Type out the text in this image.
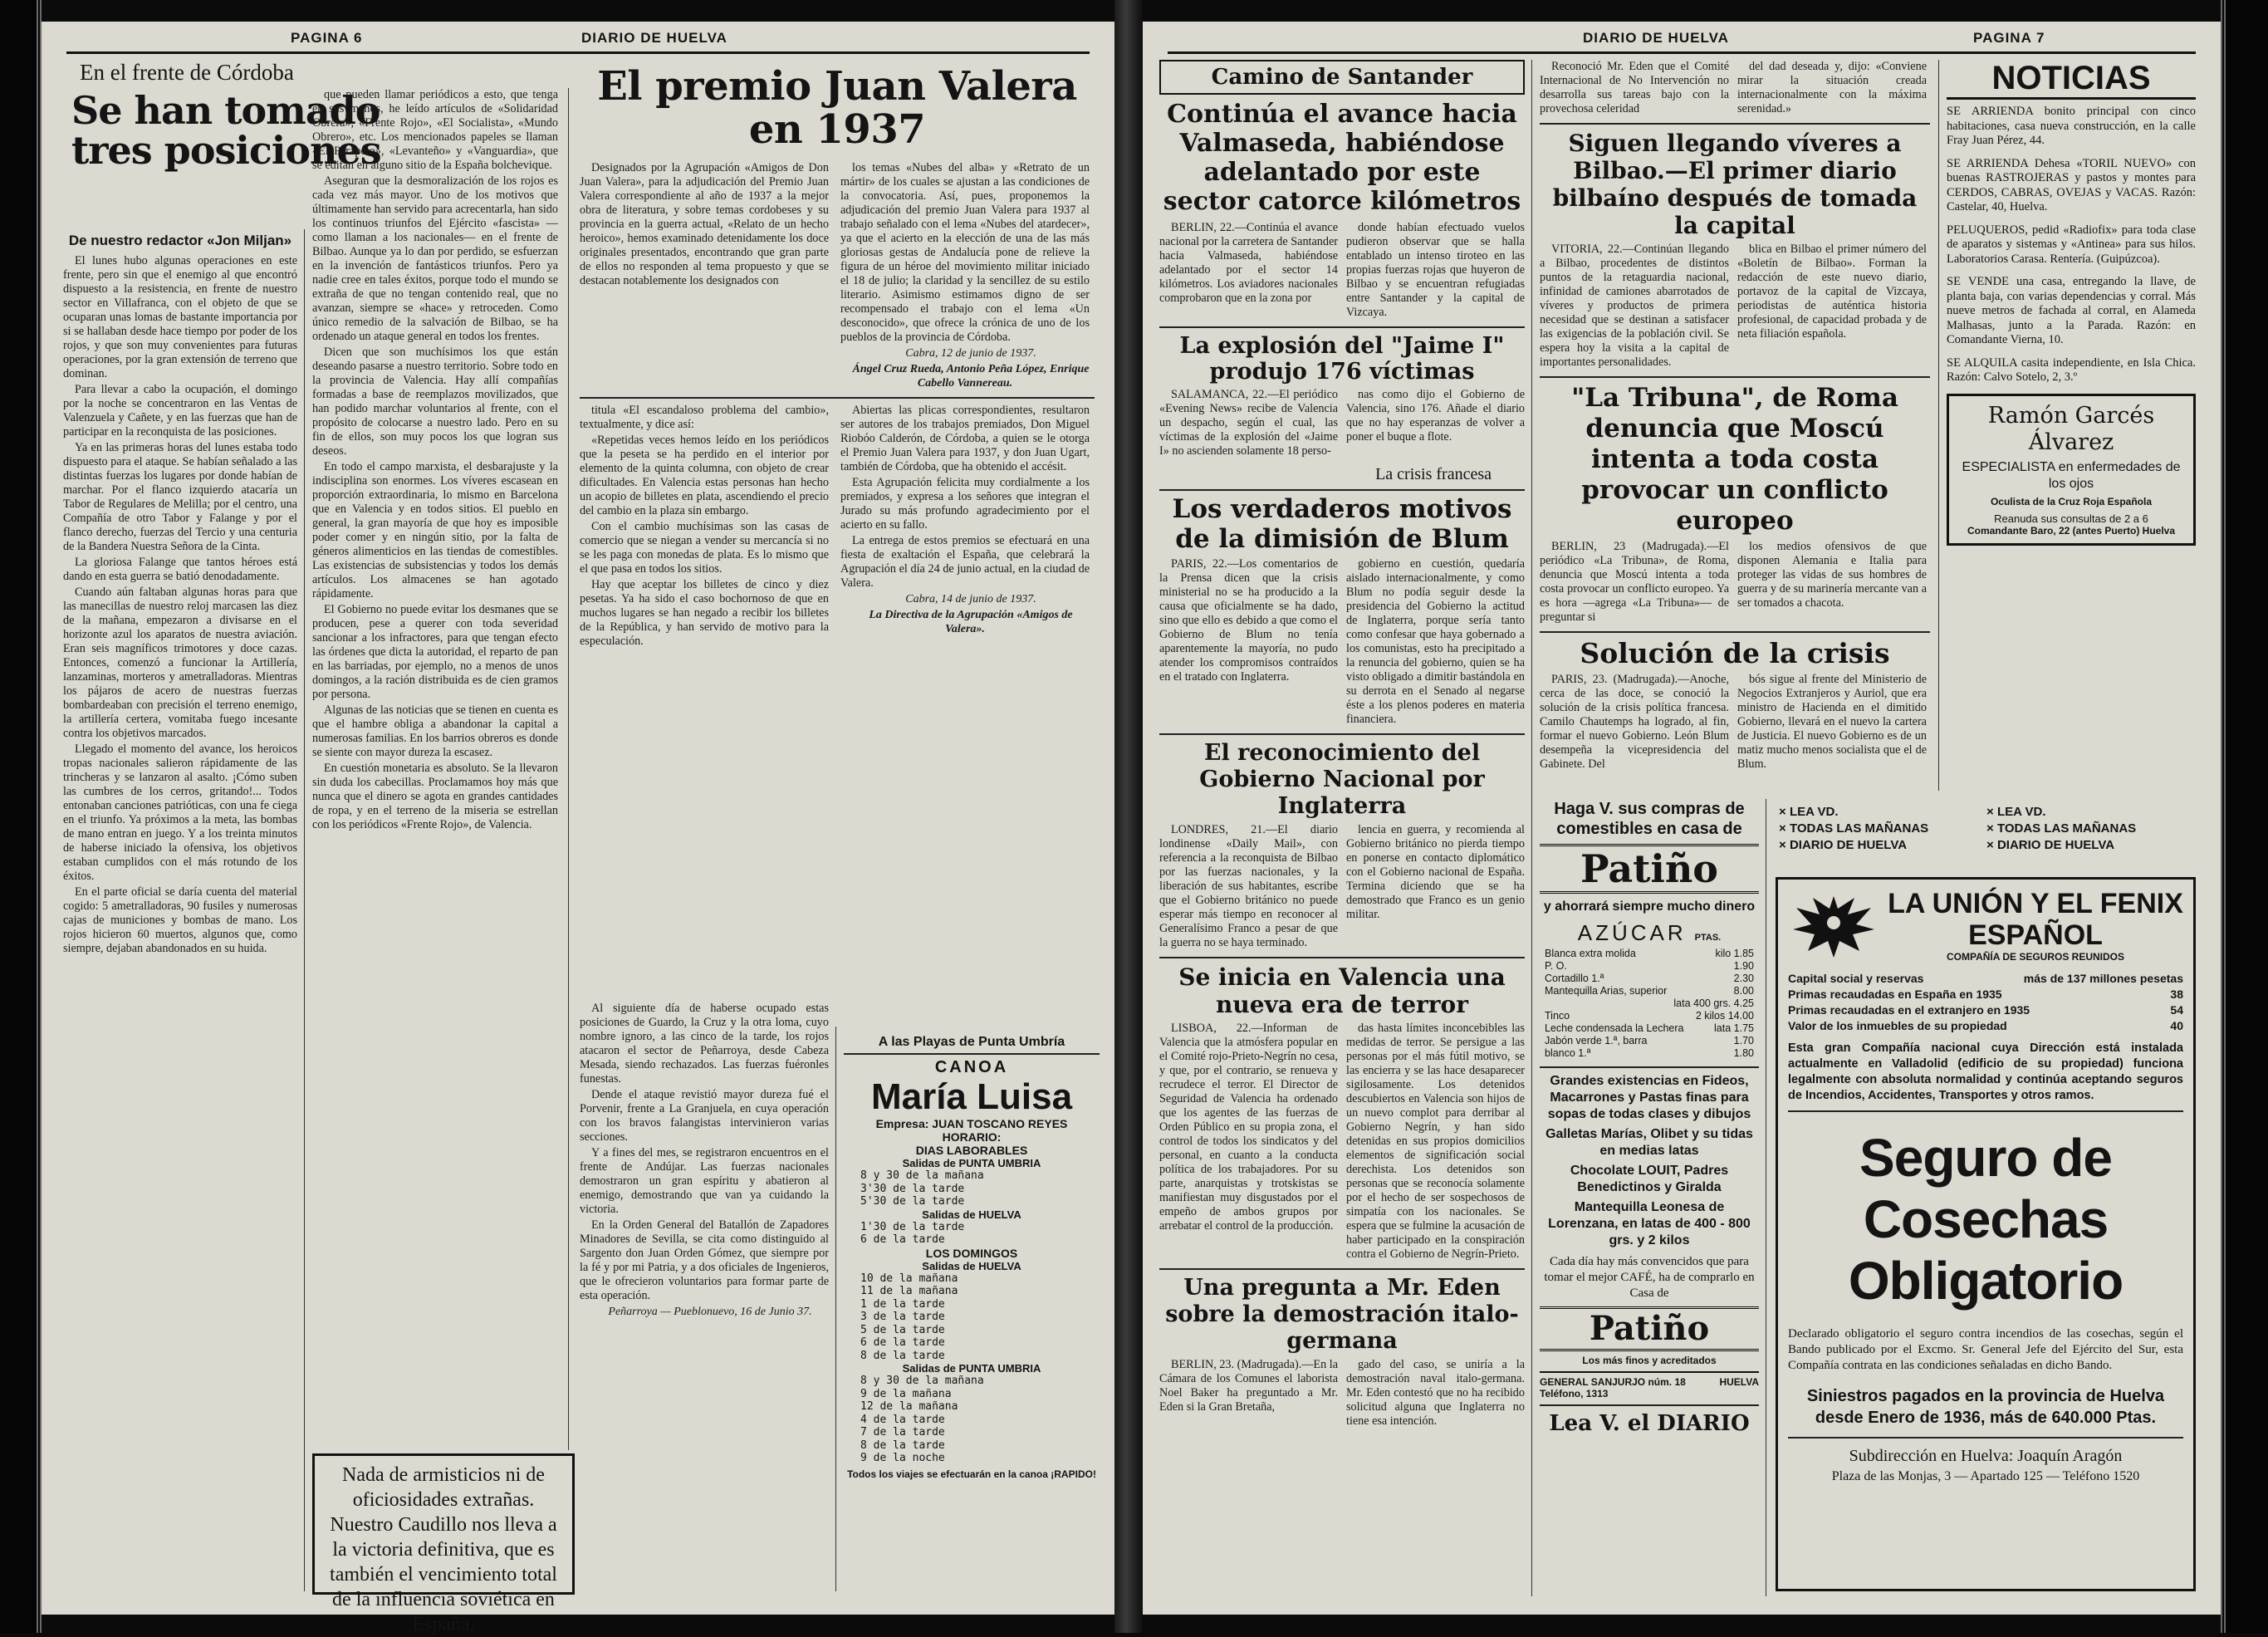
PAGINA 6	DIARIO DE HUELVA

En el frente de Córdoba

Se han tomado tres posiciones

De nuestro redactor «Jon Miljan»

El lunes hubo algunas operaciones en este frente, pero sin que el enemigo al que encontró dispuesto a la resistencia, en frente de nuestro sector en Villafranca, con el objeto de que se ocuparan unas lomas de bastante importancia por si se hallaban desde hace tiempo por poder de los rojos, y que son muy convenientes para futuras operaciones, por la gran extensión de terreno que dominan.

Para llevar a cabo la ocupación, el domingo por la noche se concentraron en las Ventas de Valenzuela y Cañete, y en las fuerzas que han de participar en la reconquista de las posiciones.

Ya en las primeras horas del lunes estaba todo dispuesto para el ataque. Se habían señalado a las distintas fuerzas los lugares por donde habían de marchar. Por el flanco izquierdo atacaría un Tabor de Regulares de Melilla; por el centro, una Compañía de otro Tabor y Falange y por el flanco derecho, fuerzas del Tercio y una centuria de la Bandera Nuestra Señora de la Cinta.

La gloriosa Falange que tantos héroes está dando en esta guerra se batió denodadamente.

Cuando aún faltaban algunas horas para que las manecillas de nuestro reloj marcasen las diez de la mañana, empezaron a divisarse en el horizonte azul los aparatos de nuestra aviación. Eran seis magníficos trimotores y doce cazas. Entonces, comenzó a funcionar la Artillería, lanzaminas, morteros y ametralladoras. Mientras los pájaros de acero de nuestras fuerzas bombardeaban con precisión el terreno enemigo, la artillería certera, vomitaba fuego incesante contra los objetivos marcados.

Llegado el momento del avance, los heroicos tropas nacionales salieron rápidamente de las trincheras y se lanzaron al asalto. ¡Cómo suben las cumbres de los cerros, gritando!... Todos entonaban canciones patrióticas, con una fe ciega en el triunfo. Ya próximos a la meta, las bombas de mano entran en juego. Y a los treinta minutos de haberse iniciado la ofensiva, los objetivos estaban cumplidos con el más rotundo de los éxitos.

En el parte oficial se daría cuenta del material cogido: 5 ametralladoras, 90 fusiles y numerosas cajas de municiones y bombas de mano. Los rojos hicieron 60 muertos, algunos que, como siempre, dejaban abandonados en su huida.

que pueden llamar periódicos a esto, que tenga en sus manos, he leído artículos de «Solidaridad Obrera», «Frente Rojo», «El Socialista», «Mundo Obrero», etc. Los mencionados papeles se llaman «El Parapeto», «Levanteño» y «Vanguardia», que se editan en alguno sitio de la España bolchevique.

Aseguran que la desmoralización de los rojos es cada vez más mayor. Uno de los motivos que últimamente han servido para acrecentarla, han sido los continuos triunfos del Ejército «fascista» —como llaman a los nacionales— en el frente de Bilbao. Aunque ya lo dan por perdido, se esfuerzan en la invención de fantásticos triunfos. Pero ya nadie cree en tales éxitos, porque todo el mundo se extraña de que no tengan contenido real, que no avanzan, siempre se «hace» y retroceden. Como único remedio de la salvación de Bilbao, se ha ordenado un ataque general en todos los frentes.

Dicen que son muchísimos los que están deseando pasarse a nuestro territorio. Sobre todo en la provincia de Valencia. Hay allí compañías formadas a base de reemplazos movilizados, que han podido marchar voluntarios al frente, con el propósito de colocarse a nuestro lado. Pero en su fin de ellos, son muy pocos los que logran sus deseos.

En todo el campo marxista, el desbarajuste y la indisciplina son enormes. Los víveres escasean en proporción extraordinaria, lo mismo en Barcelona que en Valencia y en todos sitios. El pueblo en general, la gran mayoría de que hoy es imposible poder comer y en ningún sitio, por la falta de géneros alimenticios en las tiendas de comestibles. Las existencias de subsistencias y todos los demás artículos. Los almacenes se han agotado rápidamente.

El Gobierno no puede evitar los desmanes que se producen, pese a querer con toda severidad sancionar a los infractores, para que tengan efecto las órdenes que dicta la autoridad, el reparto de pan en las barriadas, por ejemplo, no a menos de unos domingos, a la ración distribuida es de cien gramos por persona.

Algunas de las noticias que se tienen en cuenta es que el hambre obliga a abandonar la capital a numerosas familias. En los barrios obreros es donde se siente con mayor dureza la escasez.

En cuestión monetaria es absoluto. Se la llevaron sin duda los cabecillas. Proclamamos hoy más que nunca que el dinero se agota en grandes cantidades de ropa, y en el terreno de la miseria se estrellan con los periódicos «Frente Rojo», de Valencia.

Nada de armisticios ni de oficiosidades extrañas. Nuestro Caudillo nos lleva a la victoria definitiva, que es también el vencimiento total de la influencia soviética en España.

El premio Juan Valera en 1937

Designados por la Agrupación «Amigos de Don Juan Valera», para la adjudicación del Premio Juan Valera correspondiente al año de 1937 a la mejor obra de literatura, y sobre temas cordobeses y su provincia en la guerra actual, «Relato de un hecho heroico», hemos examinado detenidamente los doce originales presentados, encontrando que gran parte de ellos no responden al tema propuesto y que se destacan notablemente los designados con

los temas «Nubes del alba» y «Retrato de un mártir» de los cuales se ajustan a las condiciones de la convocatoria. Así, pues, proponemos la adjudicación del premio Juan Valera para 1937 al trabajo señalado con el lema «Nubes del atardecer», ya que el acierto en la elección de una de las más gloriosas gestas de Andalucía pone de relieve la figura de un héroe del movimiento militar iniciado el 18 de julio; la claridad y la sencillez de su estilo literario. Asimismo estimamos digno de ser recompensado el trabajo con el lema «Un desconocido», que ofrece la crónica de uno de los pueblos de la provincia de Córdoba.

Cabra, 12 de junio de 1937.

Ángel Cruz Rueda, Antonio Peña López, Enrique Cabello Vannereau.

titula «El escandaloso problema del cambio», textualmente, y dice así:

«Repetidas veces hemos leído en los periódicos que la peseta se ha perdido en el interior por elemento de la quinta columna, con objeto de crear dificultades. En Valencia estas personas han hecho un acopio de billetes en plata, ascendiendo el precio del cambio en la plaza sin embargo.

Con el cambio muchísimas son las casas de comercio que se niegan a vender su mercancía si no se les paga con monedas de plata. Es lo mismo que el que pasa en todos los sitios.

Hay que aceptar los billetes de cinco y diez pesetas. Ya ha sido el caso bochornoso de que en muchos lugares se han negado a recibir los billetes de la República, y han servido de motivo para la especulación.

Abiertas las plicas correspondientes, resultaron ser autores de los trabajos premiados, Don Miguel Riobóo Calderón, de Córdoba, a quien se le otorga el Premio Juan Valera para 1937, y don Juan Ugart, también de Córdoba, que ha obtenido el accésit.

Esta Agrupación felicita muy cordialmente a los premiados, y expresa a los señores que integran el Jurado su más profundo agradecimiento por el acierto en su fallo.

La entrega de estos premios se efectuará en una fiesta de exaltación el España, que celebrará la Agrupación el día 24 de junio actual, en la ciudad de Valera.

Cabra, 14 de junio de 1937.

La Directiva de la Agrupación «Amigos de Valera».

Al siguiente día de haberse ocupado estas posiciones de Guardo, la Cruz y la otra loma, cuyo nombre ignoro, a las cinco de la tarde, los rojos atacaron el sector de Peñarroya, desde Cabeza Mesada, siendo rechazados. Las fuerzas fuéronles funestas.

Dende el ataque revistió mayor dureza fué el Porvenir, frente a La Granjuela, en cuya operación con los bravos falangistas intervinieron varias secciones.

Y a fines del mes, se registraron encuentros en el frente de Andújar. Las fuerzas nacionales demostraron un gran espíritu y abatieron al enemigo, demostrando que van ya cuidando la victoria.

En la Orden General del Batallón de Zapadores Minadores de Sevilla, se cita como distinguido al Sargento don Juan Orden Gómez, que siempre por la fé y por mi Patria, y a dos oficiales de Ingenieros, que le ofrecieron voluntarios para formar parte de esta operación.

Peñarroya — Pueblonuevo, 16 de Junio 37.

A las Playas de Punta Umbría

CANOA

María Luisa

Empresa: JUAN TOSCANO REYES

HORARIO:

DIAS LABORABLES

Salidas de PUNTA UMBRIA

8 y 30 de la mañana
3'30 de la tarde
5'30 de la tarde

Salidas de HUELVA

1'30 de la tarde
6 de la tarde

LOS DOMINGOS

Salidas de HUELVA

10 de la mañana
11 de la mañana
1 de la tarde
3 de la tarde
5 de la tarde
6 de la tarde
8 de la tarde

Salidas de PUNTA UMBRIA

8 y 30 de la mañana
9 de la mañana
12 de la mañana
4 de la tarde
7 de la tarde
8 de la tarde
9 de la noche

Todos los viajes se efectuarán en la canoa ¡RAPIDO!

DIARIO DE HUELVA	PAGINA 7

Camino de Santander

Continúa el avance hacia Valmaseda, habiéndose adelantado por este sector catorce kilómetros

BERLIN, 22.—Continúa el avance nacional por la carretera de Santander hacia Valmaseda, habiéndose adelantado por el sector 14 kilómetros. Los aviadores nacionales comprobaron que en la zona por

donde habían efectuado vuelos pudieron observar que se halla entablado un intenso tiroteo en las propias fuerzas rojas que huyeron de Bilbao y se encuentran refugiadas entre Santander y la capital de Vizcaya.

La explosión del "Jaime I" produjo 176 víctimas

SALAMANCA, 22.—El periódico «Evening News» recibe de Valencia un despacho, según el cual, las víctimas de la explosión del «Jaime I» no ascienden solamente 18 perso-

nas como dijo el Gobierno de Valencia, sino 176. Añade el diario que no hay esperanzas de volver a poner el buque a flote.

La crisis francesa

Los verdaderos motivos de la dimisión de Blum

PARIS, 22.—Los comentarios de la Prensa dicen que la crisis ministerial no se ha producido a la causa que oficialmente se ha dado, sino que ello es debido a que como el Gobierno de Blum no tenía aparentemente la mayoría, no pudo atender los compromisos contraídos en el tratado con Inglaterra.

gobierno en cuestión, quedaría aislado internacionalmente, y como Blum no podía seguir desde la presidencia del Gobierno la actitud de Inglaterra, porque sería tanto como confesar que haya gobernado a los comunistas, esto ha precipitado a la renuncia del gobierno, quien se ha visto obligado a dimitir bastándola en su derrota en el Senado al negarse éste a los plenos poderes en materia financiera.

El reconocimiento del Gobierno Nacional por Inglaterra

LONDRES, 21.—El diario londinense «Daily Mail», con referencia a la reconquista de Bilbao por las fuerzas nacionales, y la liberación de sus habitantes, escribe que el Gobierno británico no puede esperar más tiempo en reconocer al Generalísimo Franco a pesar de que la guerra no se haya terminado.

lencia en guerra, y recomienda al Gobierno británico no pierda tiempo en ponerse en contacto diplomático con el Gobierno nacional de España. Termina diciendo que se ha demostrado que Franco es un genio militar.

Se inicia en Valencia una nueva era de terror

LISBOA, 22.—Informan de Valencia que la atmósfera popular en el Comité rojo-Prieto-Negrín no cesa, y que, por el contrario, se renueva y recrudece el terror. El Director de Seguridad de Valencia ha ordenado que los agentes de las fuerzas de Orden Público en su propia zona, el control de todos los sindicatos y del personal, en cuanto a la conducta política de los trabajadores. Por su parte, anarquistas y trotskistas se manifiestan muy disgustados por el empeño de ambos grupos por arrebatar el control de la producción.

das hasta límites inconcebibles las medidas de terror. Se persigue a las personas por el más fútil motivo, se las encierra y se las hace desaparecer sigilosamente. Los detenidos descubiertos en Valencia son hijos de un nuevo complot para derribar al Gobierno Negrín, y han sido detenidas en sus propios domicilios elementos de significación social derechista. Los detenidos son personas que se reconocía solamente por el hecho de ser sospechosos de simpatía con los nacionales. Se espera que se fulmine la acusación de haber participado en la conspiración contra el Gobierno de Negrín-Prieto.

Una pregunta a Mr. Eden sobre la demostración italo-germana

BERLIN, 23. (Madrugada).—En la Cámara de los Comunes el laborista Noel Baker ha preguntado a Mr. Eden si la Gran Bretaña,

gado del caso, se uniría a la demostración naval italo-germana. Mr. Eden contestó que no ha recibido solicitud alguna que Inglaterra no tiene esa intención.

Reconoció Mr. Eden que el Comité Internacional de No Intervención no desarrolla sus tareas bajo con la provechosa celeridad

del dad deseada y, dijo: «Conviene mirar la situación creada internacionalmente con la máxima serenidad.»

Siguen llegando víveres a Bilbao.—El primer diario bilbaíno después de tomada la capital

VITORIA, 22.—Continúan llegando a Bilbao, procedentes de distintos puntos de la retaguardia nacional, infinidad de camiones abarrotados de víveres y productos de primera necesidad que se destinan a satisfacer las exigencias de la población civil. Se espera hoy la visita a la capital de importantes personalidades.

blica en Bilbao el primer número del «Boletín de Bilbao». Forman la redacción de este nuevo diario, portavoz de la capital de Vizcaya, periodistas de auténtica historia profesional, de capacidad probada y de neta filiación española.

"La Tribuna", de Roma denuncia que Moscú intenta a toda costa provocar un conflicto europeo

BERLIN, 23 (Madrugada).—El periódico «La Tribuna», de Roma, denuncia que Moscú intenta a toda costa provocar un conflicto europeo. Ya es hora —agrega «La Tribuna»— de preguntar si

los medios ofensivos de que disponen Alemania e Italia para proteger las vidas de sus hombres de guerra y de su marinería mercante van a ser tomados a chacota.

Solución de la crisis

PARIS, 23. (Madrugada).—Anoche, cerca de las doce, se conoció la solución de la crisis política francesa. Camilo Chautemps ha logrado, al fin, formar el nuevo Gobierno. León Blum desempeña la vicepresidencia del Gabinete. Del

bós sigue al frente del Ministerio de Negocios Extranjeros y Auriol, que era ministro de Hacienda en el dimitido Gobierno, llevará en el nuevo la cartera de Justicia. El nuevo Gobierno es de un matiz mucho menos socialista que el de Blum.

Haga V. sus compras de comestibles en casa de

Patiño

y ahorrará siempre mucho dinero

AZÚCAR PTAS.
Blanca extra molida	kilo 1.85
P. O.	1.90
Cortadillo 1.ª	2.30
Mantequilla Arias, superior	8.00
lata 400 grs. 4.25
Tinco	2 kilos 14.00
Leche condensada la Lechera	lata 1.75
Jabón verde 1.ª, barra	1.70
blanco 1.ª	1.80

Grandes existencias en Fideos, Macarrones y Pastas finas para sopas de todas clases y dibujos

Galletas Marías, Olibet y su tidas en medias latas

Chocolate LOUIT, Padres Benedictinos y Giralda

Mantequilla Leonesa de Lorenzana, en latas de 400 - 800 grs. y 2 kilos

Cada día hay más convencidos que para tomar el mejor CAFÉ, ha de comprarlo en Casa de

Patiño

Los más finos y acreditados

GENERAL SANJURJO núm. 18

Teléfono, 1313

HUELVA

Lea V. el DIARIO

NOTICIAS

SE ARRIENDA bonito principal con cinco habitaciones, casa nueva construcción, en la calle Fray Juan Pérez, 44.

SE ARRIENDA Dehesa «TORIL NUEVO» con buenas RASTROJERAS y pastos y montes para CERDOS, CABRAS, OVEJAS y VACAS. Razón: Castelar, 40, Huelva.

PELUQUEROS, pedid «Radiofix» para toda clase de aparatos y sistemas y «Antinea» para sus hilos. Laboratorios Carasa. Rentería. (Guipúzcoa).

SE VENDE una casa, entregando la llave, de planta baja, con varias dependencias y corral. Más nueve metros de fachada al corral, en Alameda Malhasas, junto a la Parada. Razón: en Comandante Vierna, 10.

SE ALQUILA casita independiente, en Isla Chica. Razón: Calvo Sotelo, 2, 3.º

Ramón Garcés Álvarez

ESPECIALISTA en enfermedades de los ojos

Oculista de la Cruz Roja Española

Reanuda sus consultas de 2 a 6

Comandante Baro, 22 (antes Puerto) Huelva

× LEA VD.
× TODAS LAS MAÑANAS
× DIARIO DE HUELVA
× LEA VD.
× TODAS LAS MAÑANAS
× DIARIO DE HUELVA

LA UNIÓN Y EL FENIX ESPAÑOL

COMPAÑÍA DE SEGUROS REUNIDOS

Capital social y reservas	más de 137 millones pesetas
Primas recaudadas en España en 1935	38
Primas recaudadas en el extranjero en 1935	54
Valor de los inmuebles de su propiedad	40

Esta gran Compañía nacional cuya Dirección está instalada actualmente en Valladolid (edificio de su propiedad) funciona legalmente con absoluta normalidad y continúa aceptando seguros de Incendios, Accidentes, Transportes y otros ramos.

Seguro de Cosechas Obligatorio

Declarado obligatorio el seguro contra incendios de las cosechas, según el Bando publicado por el Excmo. Sr. General Jefe del Ejército del Sur, esta Compañía contrata en las condiciones señaladas en dicho Bando.

Siniestros pagados en la provincia de Huelva desde Enero de 1936, más de 640.000 Ptas.

Subdirección en Huelva: Joaquín Aragón

Plaza de las Monjas, 3 — Apartado 125 — Teléfono 1520
